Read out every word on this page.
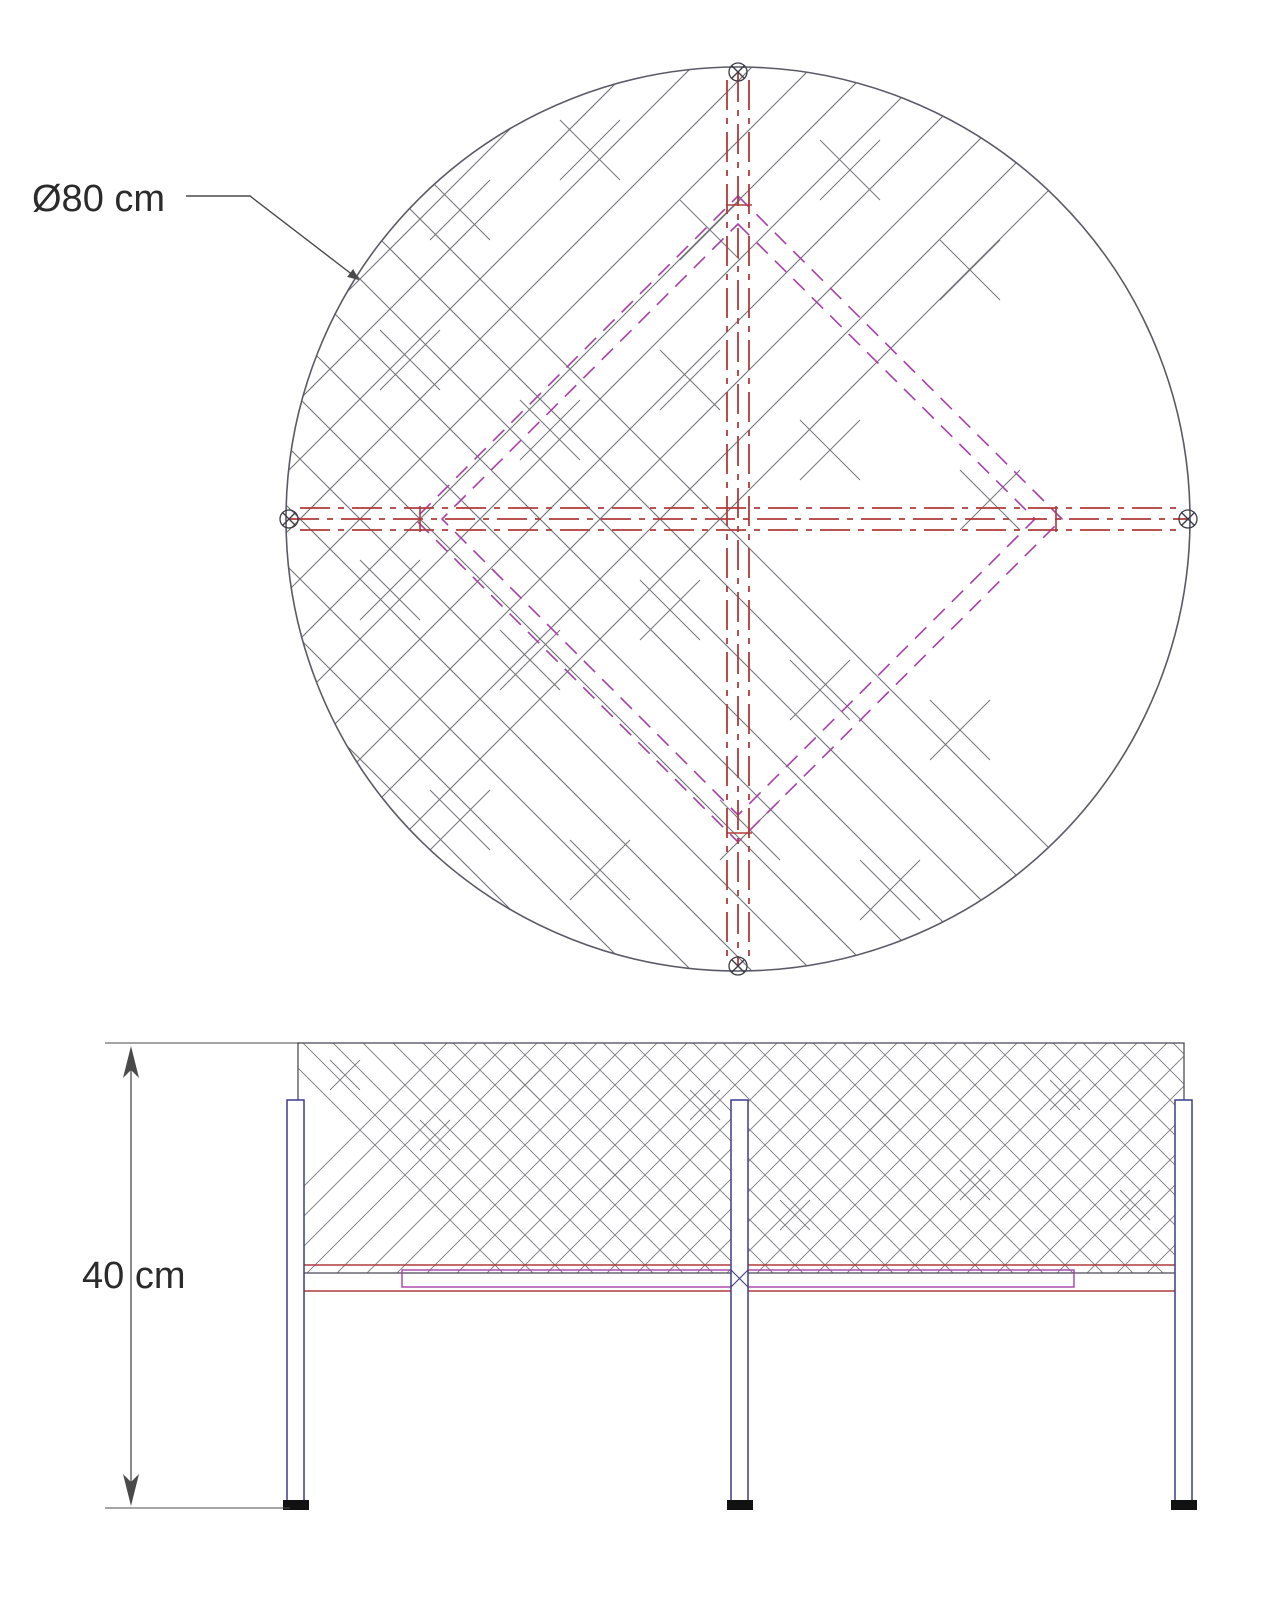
Ø80 cm
40 cm
